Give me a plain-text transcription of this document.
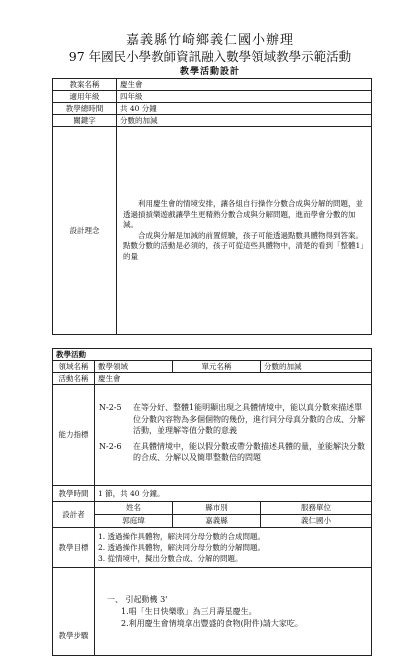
嘉義縣竹崎鄉義仁國小辦理
97 年國民小學教師資訊融入數學領域教學示範活動
教學活動設計
教案名稱	慶生會
適用年級	四年級
教學總時間	共 40 分鐘
關鍵字	分數的加減
設計理念	利用慶生會的情境安排，讓各組自行操作分數合成與分解的問題，並透過摃摃樂遊戲讓學生更精熟分數合成與分解問題，進而學會分數的加減。

合成與分解是加減的前置經驗，孩子可能透過點數具體物得到答案。點數分數的活動是必須的，孩子可從這些具體物中，清楚的看到「整體1」的量

教學活動			
領域名稱	數學領域	單元名稱	分數的加減
活動名稱	慶生會		
能力指標	N-2-5 在等分好、整體1能明顯出現之具體情境中，能以真分數來描述單位分數內容物為多個個物的幾份，進行同分母真分數的合成、分解活動，並理解等值分數的意義
N-2-6 在具體情境中，能以假分數或帶分數描述具體的量，並能解決分數的合成、分解以及簡單整數倍的問題		

教學時間	1 節，共 40 分鐘。		
設計者	姓名	縣市別	服務單位
	郭庭瑋	嘉義縣	義仁國小
教學目標	1. 透過操作具體物，解決同分母分數的合成問題。
2. 透過操作具體物，解決同分母分數的分解問題。
3. 從情境中，擬出分數合成、分解的問題。		

教學步驟	一、 引起動機 3'
1.唱「生日快樂歌」為三月壽星慶生。
2.利用慶生會情境拿出豐盛的食物(附件)請大家吃。		
